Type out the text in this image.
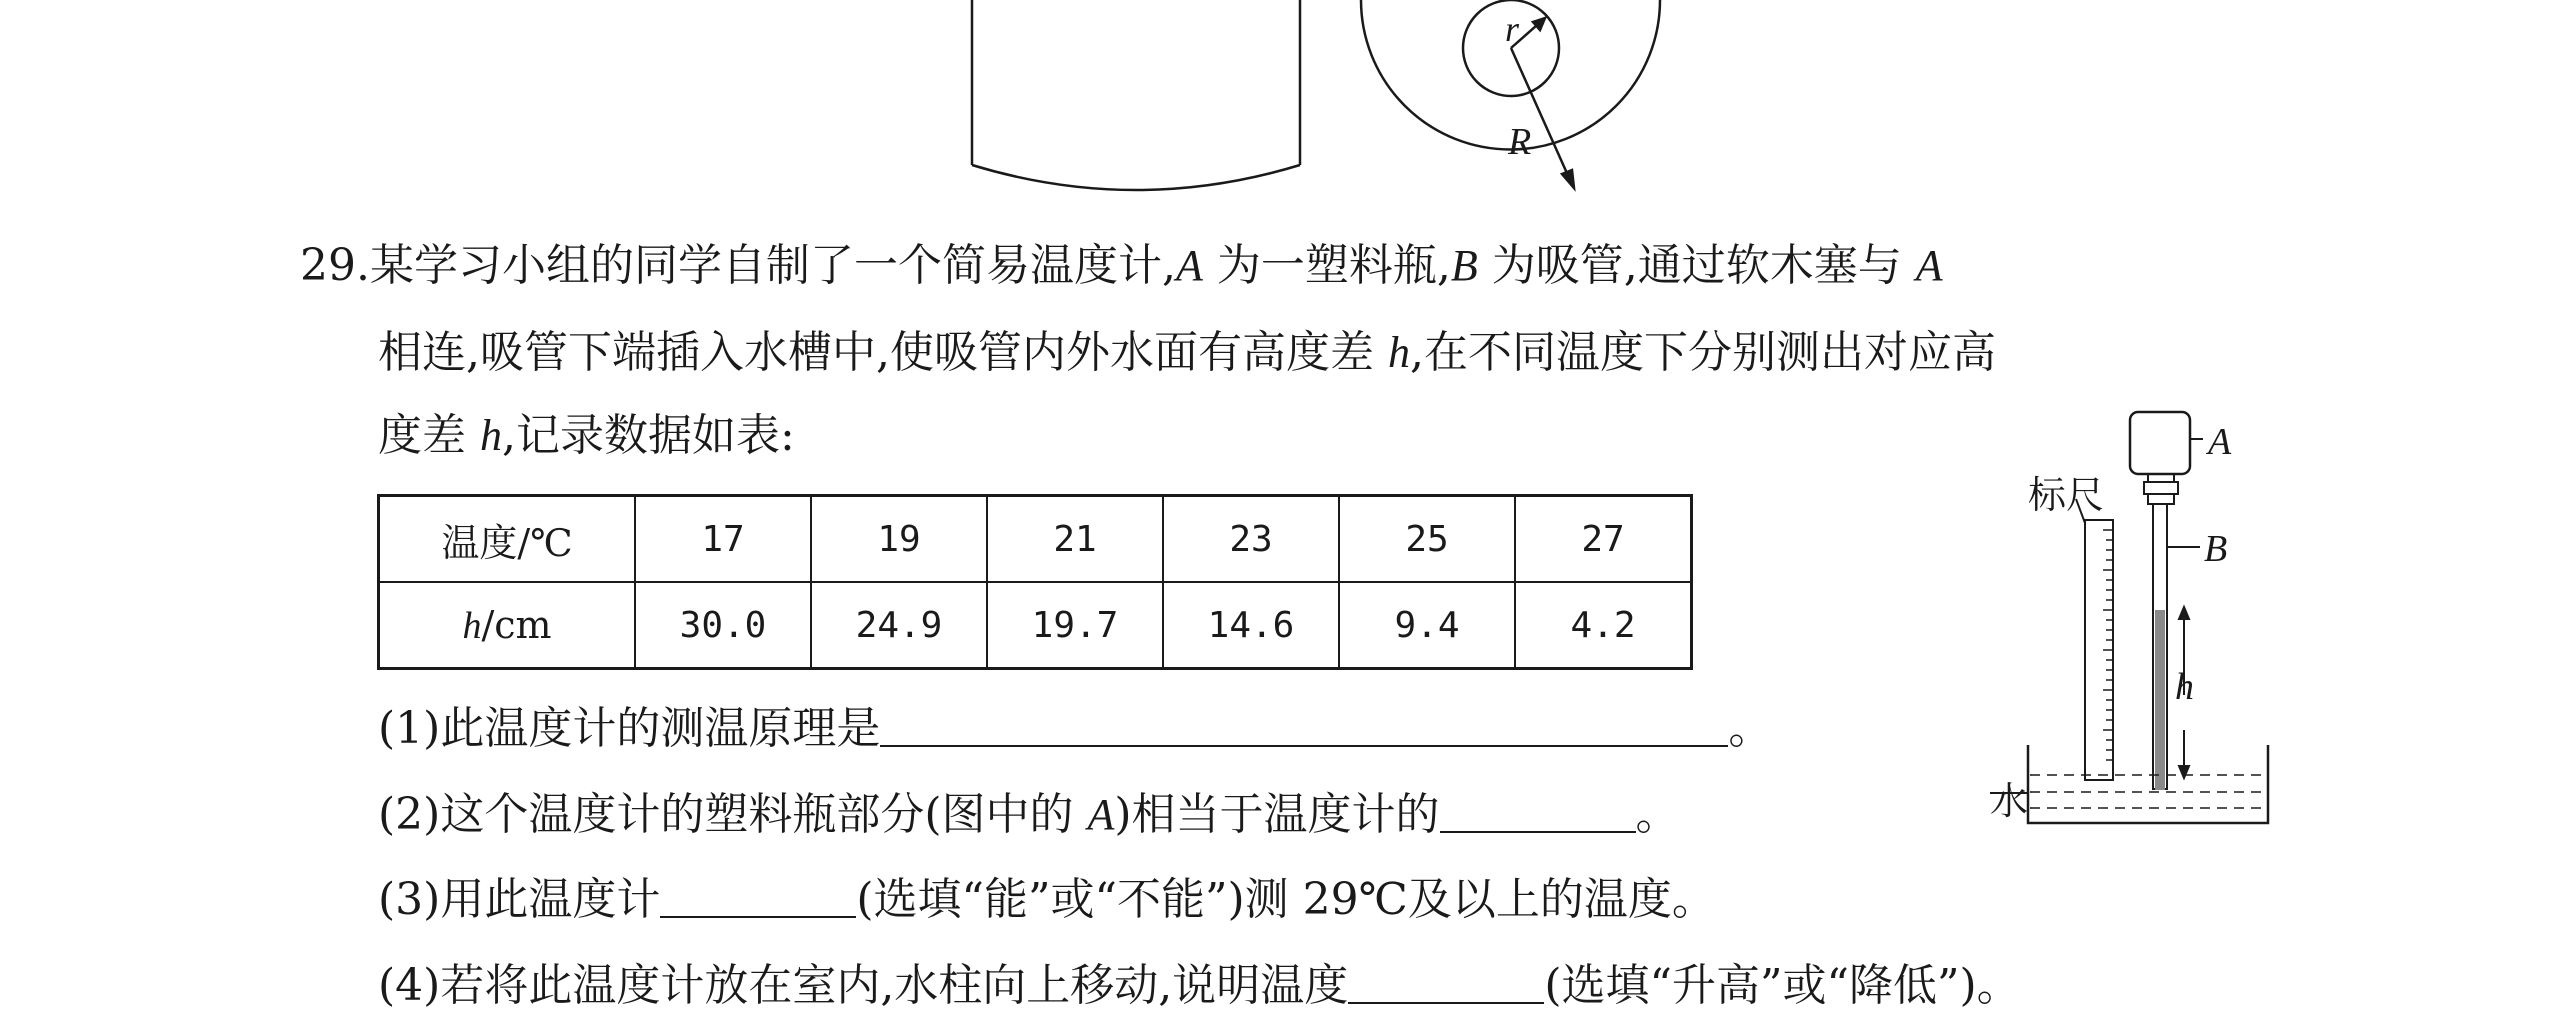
r
R
29.某学习小组的同学自制了一个简易温度计,A 为一塑料瓶,B 为吸管,通过软木塞与 A
相连,吸管下端插入水槽中,使吸管内外水面有高度差 h,在不同温度下分别测出对应高
度差 h,记录数据如表:
温度/℃	17	19	21	23	25	27
h/cm	30.0	24.9	19.7	14.6	9.4	4.2
(1)此温度计的测温原理是	。
(2)这个温度计的塑料瓶部分(图中的 A)相当于温度计的	。
(3)用此温度计	(选填“能”或“不能”)测 29℃及以上的温度。
(4)若将此温度计放在室内,水柱向上移动,说明温度	(选填“升高”或“降低”)。
A
B
标尺
h
水
